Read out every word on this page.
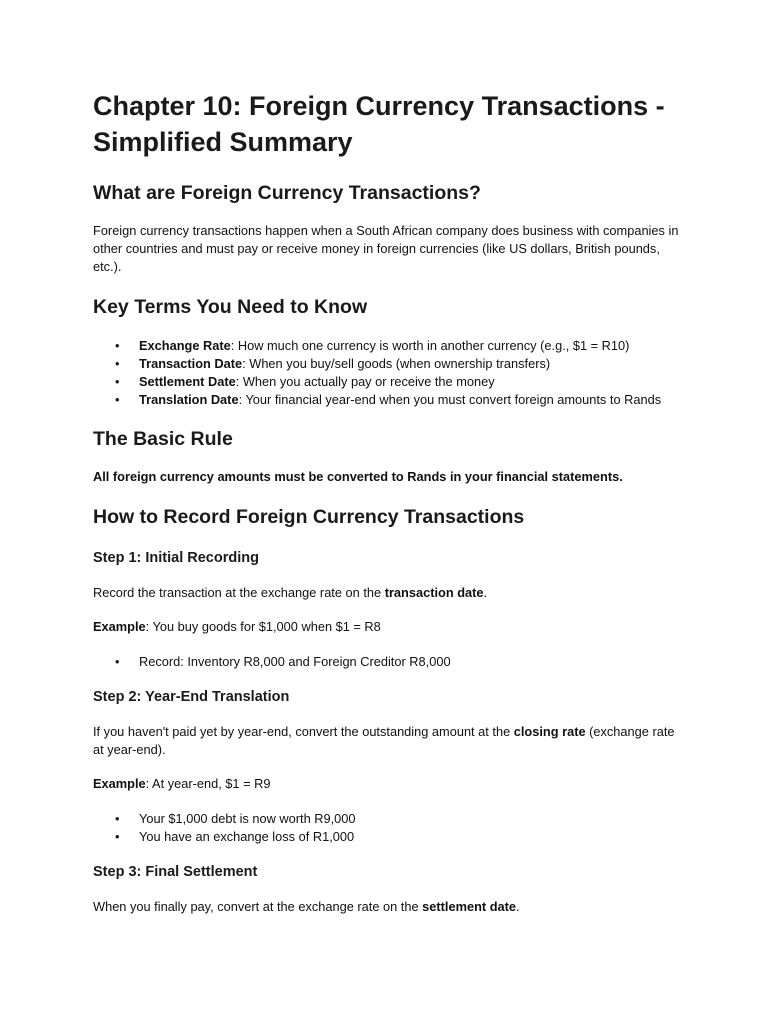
Chapter 10: Foreign Currency Transactions - Simplified Summary
What are Foreign Currency Transactions?

Foreign currency transactions happen when a South African company does business with companies in other countries and must pay or receive money in foreign currencies (like US dollars, British pounds, etc.).

Key Terms You Need to Know
• Exchange Rate: How much one currency is worth in another currency (e.g., $1 = R10)
• Transaction Date: When you buy/sell goods (when ownership transfers)
• Settlement Date: When you actually pay or receive the money
• Translation Date: Your financial year-end when you must convert foreign amounts to Rands
The Basic Rule

All foreign currency amounts must be converted to Rands in your financial statements.

How to Record Foreign Currency Transactions
Step 1: Initial Recording

Record the transaction at the exchange rate on the transaction date.

Example: You buy goods for $1,000 when $1 = R8

• Record: Inventory R8,000 and Foreign Creditor R8,000
Step 2: Year-End Translation

If you haven't paid yet by year-end, convert the outstanding amount at the closing rate (exchange rate at year-end).

Example: At year-end, $1 = R9

• Your $1,000 debt is now worth R9,000
• You have an exchange loss of R1,000
Step 3: Final Settlement

When you finally pay, convert at the exchange rate on the settlement date.
